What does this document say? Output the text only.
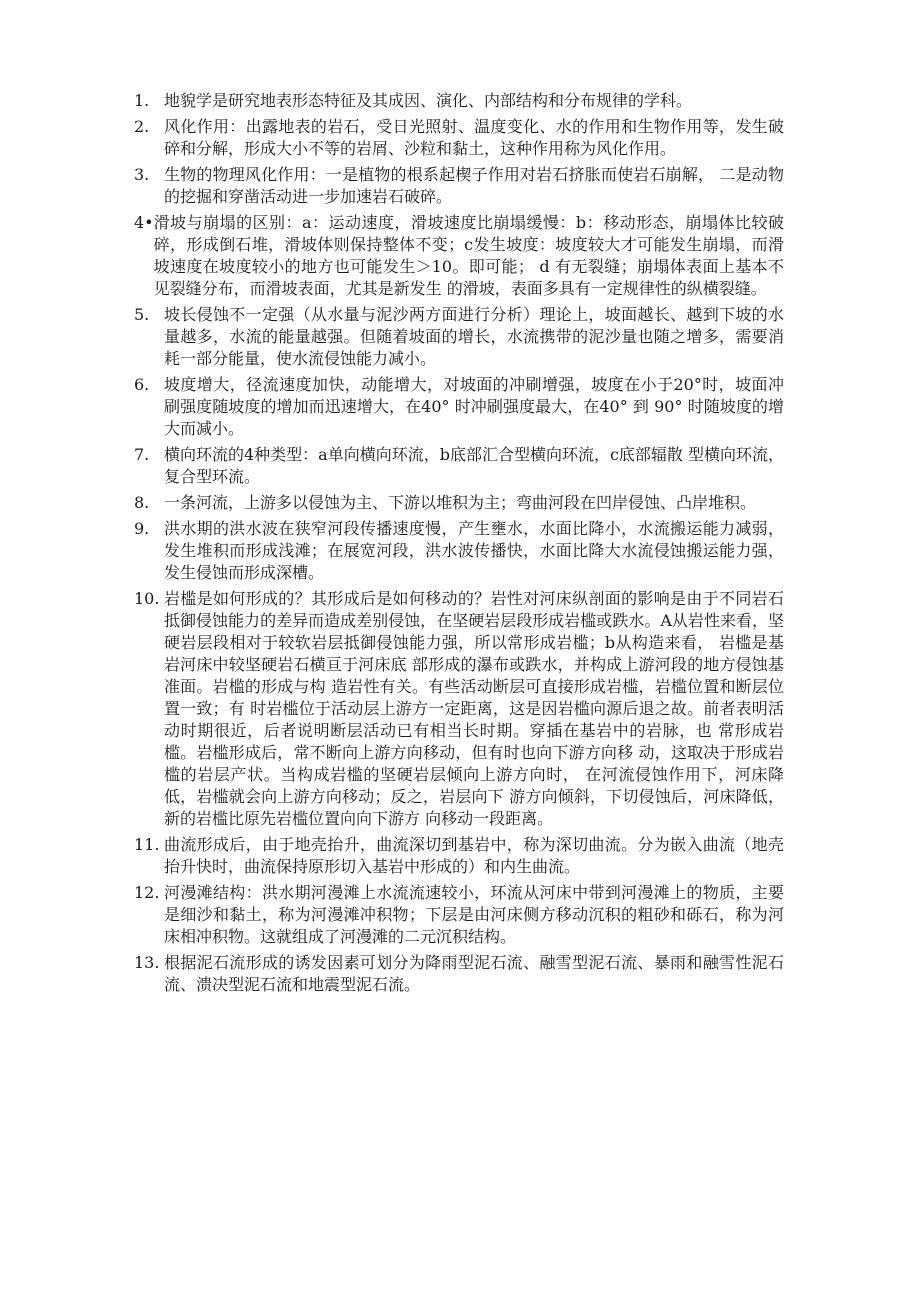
1. 地貌学是研究地表形态特征及其成因、演化、内部结构和分布规律的学科。
2. 风化作用：出露地表的岩石，受日光照射、温度变化、水的作用和生物作用等，发生破碎和分解，形成大小不等的岩屑、沙粒和黏土，这种作用称为风化作用。
3. 生物的物理风化作用：一是植物的根系起楔子作用对岩石挤胀而使岩石崩解， 二是动物的挖掘和穿凿活动进一步加速岩石破碎。
4• 滑坡与崩塌的区别：a：运动速度，滑坡速度比崩塌缓慢：b：移动形态，崩塌体比较破碎，形成倒石堆，滑坡体则保持整体不变；c发生坡度：坡度较大才可能发生崩塌，而滑坡速度在坡度较小的地方也可能发生＞10。即可能； d 有无裂缝；崩塌体表面上基本不见裂缝分布，而滑坡表面，尤其是新发生 的滑坡，表面多具有一定规律性的纵横裂缝。
5. 坡长侵蚀不一定强（从水量与泥沙两方面进行分析）理论上，坡面越长、越到下坡的水量越多，水流的能量越强。但随着坡面的增长，水流携带的泥沙量也随之增多，需要消耗一部分能量，使水流侵蚀能力减小。
6. 坡度增大，径流速度加快，动能增大，对坡面的冲刷增强，坡度在小于20°时，坡面冲刷强度随坡度的增加而迅速增大，在40° 时冲刷强度最大，在40° 到 90° 时随坡度的增大而减小。
7. 横向环流的4种类型：a单向横向环流，b底部汇合型横向环流，c底部辐散 型横向环流，复合型环流。
8. 一条河流，上游多以侵蚀为主、下游以堆积为主；弯曲河段在凹岸侵蚀、凸岸堆积。
9. 洪水期的洪水波在狭窄河段传播速度慢，产生壅水，水面比降小，水流搬运能力减弱，发生堆积而形成浅滩；在展宽河段，洪水波传播快，水面比降大水流侵蚀搬运能力强，发生侵蚀而形成深槽。
10. 岩槛是如何形成的？其形成后是如何移动的？岩性对河床纵剖面的影响是由于不同岩石抵御侵蚀能力的差异而造成差别侵蚀，在坚硬岩层段形成岩槛或跌水。A从岩性来看，坚硬岩层段相对于较软岩层抵御侵蚀能力强，所以常形成岩槛；b从构造来看， 岩槛是基岩河床中较坚硬岩石横亘于河床底 部形成的瀑布或跌水，并构成上游河段的地方侵蚀基准面。岩槛的形成与构 造岩性有关。有些活动断层可直接形成岩槛，岩槛位置和断层位置一致；有 时岩槛位于活动层上游方一定距离，这是因岩槛向源后退之故。前者表明活 动时期很近，后者说明断层活动已有相当长时期。穿插在基岩中的岩脉，也 常形成岩槛。岩槛形成后，常不断向上游方向移动，但有时也向下游方向移 动，这取决于形成岩槛的岩层产状。当构成岩槛的坚硬岩层倾向上游方向时， 在河流侵蚀作用下，河床降低，岩槛就会向上游方向移动；反之，岩层向下 游方向倾斜，下切侵蚀后，河床降低，新的岩槛比原先岩槛位置向向下游方 向移动一段距离。
11. 曲流形成后，由于地壳抬升，曲流深切到基岩中，称为深切曲流。分为嵌入曲流（地壳抬升快时，曲流保持原形切入基岩中形成的）和内生曲流。
12. 河漫滩结构：洪水期河漫滩上水流流速较小，环流从河床中带到河漫滩上的物质，主要是细沙和黏土，称为河漫滩冲积物；下层是由河床侧方移动沉积的粗砂和砾石，称为河床相冲积物。这就组成了河漫滩的二元沉积结构。
13. 根据泥石流形成的诱发因素可划分为降雨型泥石流、融雪型泥石流、暴雨和融雪性泥石流、溃决型泥石流和地震型泥石流。
